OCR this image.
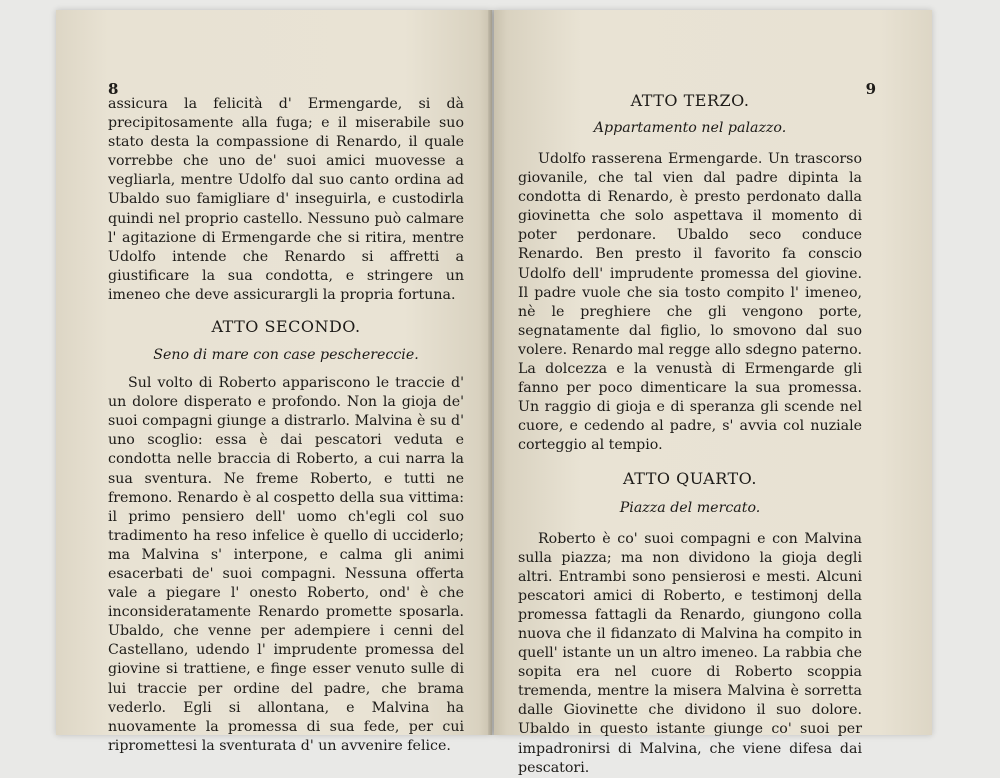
8

assicura la felicità d' Ermengarde, si dà precipitosamente alla fuga; e il miserabile suo stato desta la compassione di Renardo, il quale vorrebbe che uno de' suoi amici muovesse a vegliarla, mentre Udolfo dal suo canto ordina ad Ubaldo suo famigliare d' inseguirla, e custodirla quindi nel proprio castello. Nessuno può calmare l' agitazione di Ermengarde che si ritira, mentre Udolfo intende che Renardo si affretti a giustificare la sua condotta, e stringere un imeneo che deve assicurargli la propria fortuna.

ATTO SECONDO.

Seno di mare con case peschereccie.

Sul volto di Roberto appariscono le traccie d' un dolore disperato e profondo. Non la gioja de' suoi compagni giunge a distrarlo. Malvina è su d' uno scoglio: essa è dai pescatori veduta e condotta nelle braccia di Roberto, a cui narra la sua sventura. Ne freme Roberto, e tutti ne fremono. Renardo è al cospetto della sua vittima: il primo pensiero dell' uomo ch'egli col suo tradimento ha reso infelice è quello di ucciderlo; ma Malvina s' interpone, e calma gli animi esacerbati de' suoi compagni. Nessuna offerta vale a piegare l' onesto Roberto, ond' è che inconsideratamente Renardo promette sposarla. Ubaldo, che venne per adempiere i cenni del Castellano, udendo l' imprudente promessa del giovine si trattiene, e finge esser venuto sulle di lui traccie per ordine del padre, che brama vederlo. Egli si allontana, e Malvina ha nuovamente la promessa di sua fede, per cui ripromettesi la sventurata d' un avvenire felice.

9
ATTO TERZO.

Appartamento nel palazzo.

Udolfo rasserena Ermengarde. Un trascorso giovanile, che tal vien dal padre dipinta la condotta di Renardo, è presto perdonato dalla giovinetta che solo aspettava il momento di poter perdonare. Ubaldo seco conduce Renardo. Ben presto il favorito fa conscio Udolfo dell' imprudente promessa del giovine. Il padre vuole che sia tosto compito l' imeneo, nè le preghiere che gli vengono porte, segnatamente dal figlio, lo smovono dal suo volere. Renardo mal regge allo sdegno paterno. La dolcezza e la venustà di Ermengarde gli fanno per poco dimenticare la sua promessa. Un raggio di gioja e di speranza gli scende nel cuore, e cedendo al padre, s' avvia col nuziale corteggio al tempio.

ATTO QUARTO.

Piazza del mercato.

Roberto è co' suoi compagni e con Malvina sulla piazza; ma non dividono la gioja degli altri. Entrambi sono pensierosi e mesti. Alcuni pescatori amici di Roberto, e testimonj della promessa fattagli da Renardo, giungono colla nuova che il fidanzato di Malvina ha compito in quell' istante un un altro imeneo. La rabbia che sopita era nel cuore di Roberto scoppia tremenda, mentre la misera Malvina è sorretta dalle Giovinette che dividono il suo dolore. Ubaldo in questo istante giunge co' suoi per impadronirsi di Malvina, che viene difesa dai pescatori.
